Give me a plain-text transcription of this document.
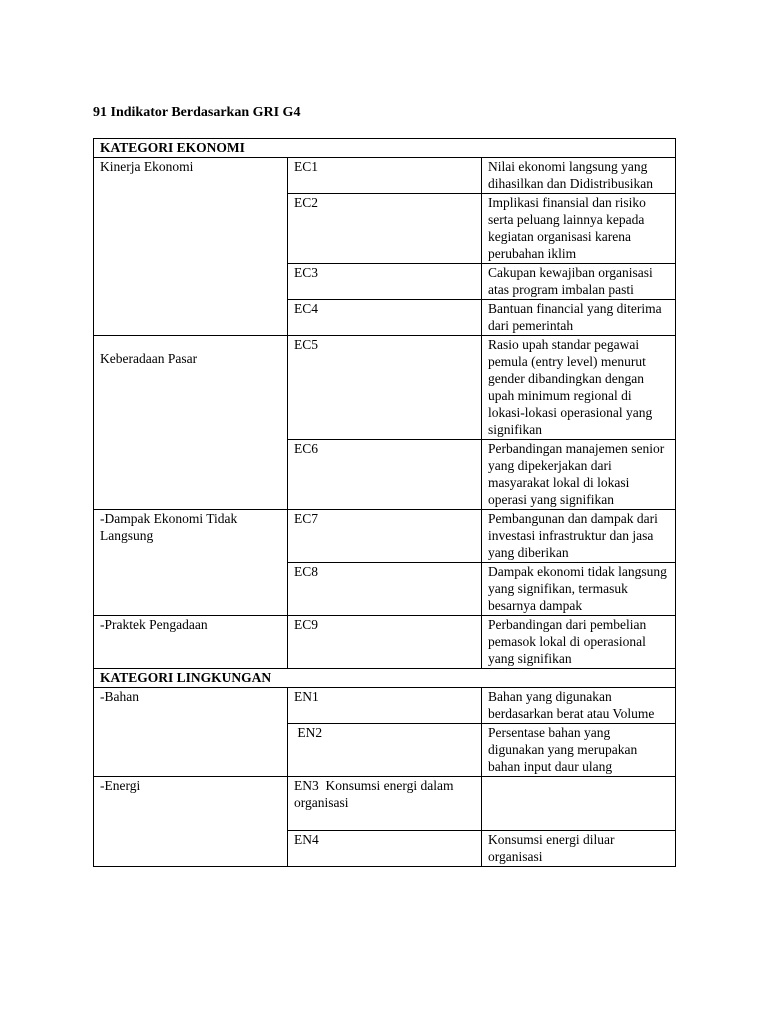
91 Indikator Berdasarkan GRI G4
KATEGORI EKONOMI		
Kinerja Ekonomi	EC1	Nilai ekonomi langsung yang dihasilkan dan Didistribusikan
	EC2	Implikasi finansial dan risiko serta peluang lainnya kepada kegiatan organisasi karena perubahan iklim
	EC3	Cakupan kewajiban organisasi atas program imbalan pasti
	EC4	Bantuan financial yang diterima dari pemerintah
Keberadaan Pasar	EC5	Rasio upah standar pegawai pemula (entry level) menurut gender dibandingkan dengan upah minimum regional di lokasi-lokasi operasional yang signifikan
	EC6	Perbandingan manajemen senior yang dipekerjakan dari masyarakat lokal di lokasi operasi yang signifikan
-Dampak Ekonomi Tidak Langsung	EC7	Pembangunan dan dampak dari investasi infrastruktur dan jasa yang diberikan
	EC8	Dampak ekonomi tidak langsung yang signifikan, termasuk besarnya dampak
-Praktek Pengadaan	EC9	Perbandingan dari pembelian pemasok lokal di operasional yang signifikan
KATEGORI LINGKUNGAN		
-Bahan	EN1	Bahan yang digunakan berdasarkan berat atau Volume
	EN2	Persentase bahan yang digunakan yang merupakan bahan input daur ulang
-Energi	EN3  Konsumsi energi dalam organisasi	
	EN4	Konsumsi energi diluar organisasi
